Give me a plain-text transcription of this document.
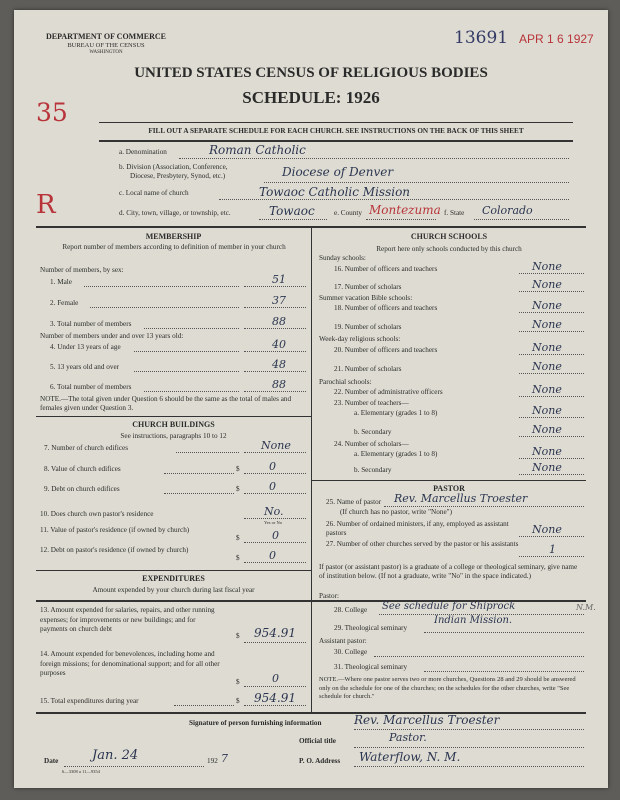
DEPARTMENT OF COMMERCE
BUREAU OF THE CENSUS
WASHINGTON
13691 APR 1 6 1927
UNITED STATES CENSUS OF RELIGIOUS BODIES
SCHEDULE: 1926
35
FILL OUT A SEPARATE SCHEDULE FOR EACH CHURCH. SEE INSTRUCTIONS ON THE BACK OF THIS SHEET
a. Denomination	Roman Catholic
b. Division (Association, Conference,
Diocese, Presbytery, Synod, etc.)	Diocese of Denver
c. Local name of church	Towaoc Catholic Mission
R	d. City, town, village, or township, etc.	Towaoc	e. County Montezuma f. State Colorado
MEMBERSHIP
Report number of members according to definition of member in your church
Number of members, by sex:
1. Male	51
2. Female	37
3. Total number of members	88
Number of members under and over 13 years old:
4. Under 13 years of age	40
5. 13 years old and over	48
6. Total number of members	88
NOTE.—The total given under Question 6 should be the same as the total of males and females given under Question 3.
CHURCH BUILDINGS
See instructions, paragraphs 10 to 12
7. Number of church edifices	None
8. Value of church edifices	$	0
9. Debt on church edifices	$	0
10. Does church own pastor's residence	No.
Yes or No
11. Value of pastor's residence (if owned by church)
$	0
12. Debt on pastor's residence (if owned by church)
$	0
EXPENDITURES
Amount expended by your church during last fiscal year
13. Amount expended for salaries, repairs, and other running expenses; for improvements or new buildings; and for payments on church debt
$ 954.91
14. Amount expended for benevolences, including home and foreign missions; for denominational support; and for all other purposes
$	0
15. Total expenditures during year	$ 954.91
CHURCH SCHOOLS
Report here only schools conducted by this church
Sunday schools:
16. Number of officers and teachers	None
17. Number of scholars	None
Summer vacation Bible schools:
18. Number of officers and teachers	None
19. Number of scholars	None
Week-day religious schools:
20. Number of officers and teachers	None
21. Number of scholars	None
Parochial schools:
22. Number of administrative officers	None
23. Number of teachers—
a. Elementary (grades 1 to 8)	None
b. Secondary	None
24. Number of scholars—
a. Elementary (grades 1 to 8)	None
b. Secondary	None
PASTOR
25. Name of pastor
(If church has no pastor, write "None")
Rev. Marcellus Troester
26. Number of ordained ministers, if any, employed as assistant pastors	None
27. Number of other churches served by the pastor or his assistants	1
If pastor (or assistant pastor) is a graduate of a college or theological seminary, give name of institution below. (If not a graduate, write "No" in the space indicated.)
Pastor:
28. College See schedule for Shiprock
Indian Mission.
N.M.
29. Theological seminary
Assistant pastor:
30. College
31. Theological seminary
NOTE.—Where one pastor serves two or more churches, Questions 28 and 29 should be answered only on the schedule for one of the churches; on the schedules for the other churches, write "See schedule for church."
Signature of person furnishing information	Rev. Marcellus Troester
Official title	Pastor.
Date	Jan. 24	192 7	P. O. Address Waterflow, N. M.
6—3308 a 11—9354
